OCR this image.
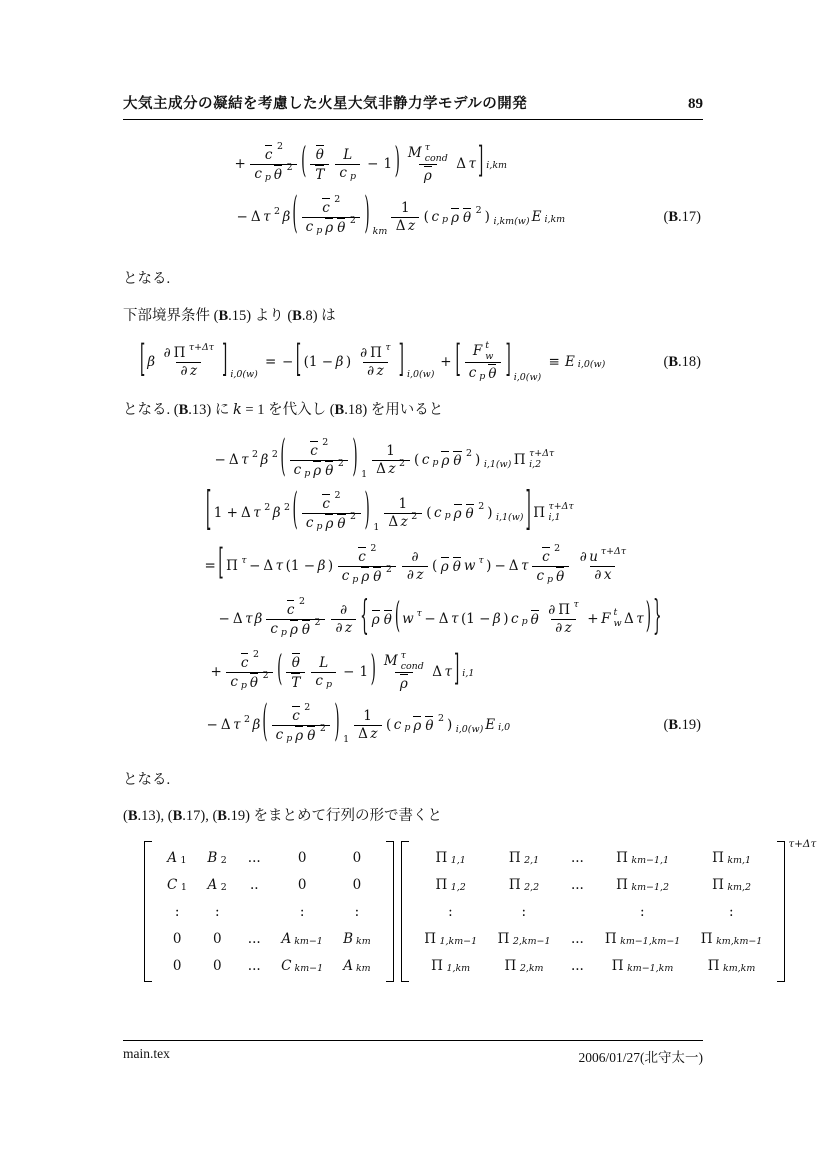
大気主成分の凝結を考慮した火星大気非静力学モデルの開発	89
+
c 2
c p θ 2 ( $\frac{\theta}{T} \frac{L}{\text{c p}} - 1$ ) M τ
cond
ρ
Δ τ ] i,km
− Δ τ 2 β ( c 2
c p ρ θ 2 ) km $\frac{1}{\text{Δ z}}$ ( c p ρ θ 2 ) i,km(w) E i,km	(B.17)
となる.
下部境界条件 (B.15) より (B.8) は
[ β $\frac{\text{∂ Π τ+Δτ}}{\partial z}$ ] i,0(w)
= − [ (1 − β ) $\frac{\text{∂ Π τ}}{\partial z}$ ] i,0(w)
+ [ F t
w
c p θ ] i,0(w)
≡ E i,0(w)	(B.18)
となる. (B.13) に k = 1 を代入し (B.18) を用いると
− Δ τ 2 β 2 ( c 2
c p ρ θ 2 ) $1 \frac{1}{\text{Δ z 2}}$ ( c p ρ θ 2 ) i,1(w) Π τ+Δτ
i,2
[ 1 + Δ τ 2 β 2 ( c 2
c p ρ θ 2 ) $1 \frac{1}{\text{Δ z 2}}$ ( c p ρ θ 2 ) i,1(w) ] Π τ+Δτ
i,1
= [ Π τ − Δ τ (1 − β )
c 2
c p ρ θ 2
∂
∂ z
( ρ θ w τ ) − Δ τ
c 2
c p θ $\frac{\text{∂ u τ+Δτ}}{\partial x}$
− Δ τ β
c 2
c p ρ θ 2
∂
∂ z { ρ θ ( w τ − Δ τ (1 − β ) c p θ $\frac{\text{∂ Π τ}}{\partial z} + F$ t
w Δ τ ) }
+
c 2
c p θ 2 ( $\frac{\theta}{T} \frac{L}{\text{c p}} - 1$ ) M τ
cond
ρ
Δ τ ] i,1
− Δ τ 2 β ( c 2
c p ρ θ 2 ) $1 \frac{1}{\text{Δ z}}$ ( c p ρ θ 2 ) i,0(w) E i,0	(B.19)
となる.
(B.13), (B.17), (B.19) をまとめて行列の形で書くと
A 1	B 2	...	0	0

C 1	A 2	..	0	0
:	:		:	:
0	0	...	A km−1	B km

0	0	...	C km−1	A km
Π 1,1	Π 2,1	...	Π km−1,1	Π km,1

Π 1,2	Π 2,2	...	Π km−1,2	Π km,2

:	:		:	:

Π 1,km−1	Π 2,km−1	...	Π km−1,km−1	Π km,km−1

Π 1,km	Π 2,km	...	Π km−1,km	Π km,km
τ+Δτ
main.tex	2006/01/27(北守太一)
